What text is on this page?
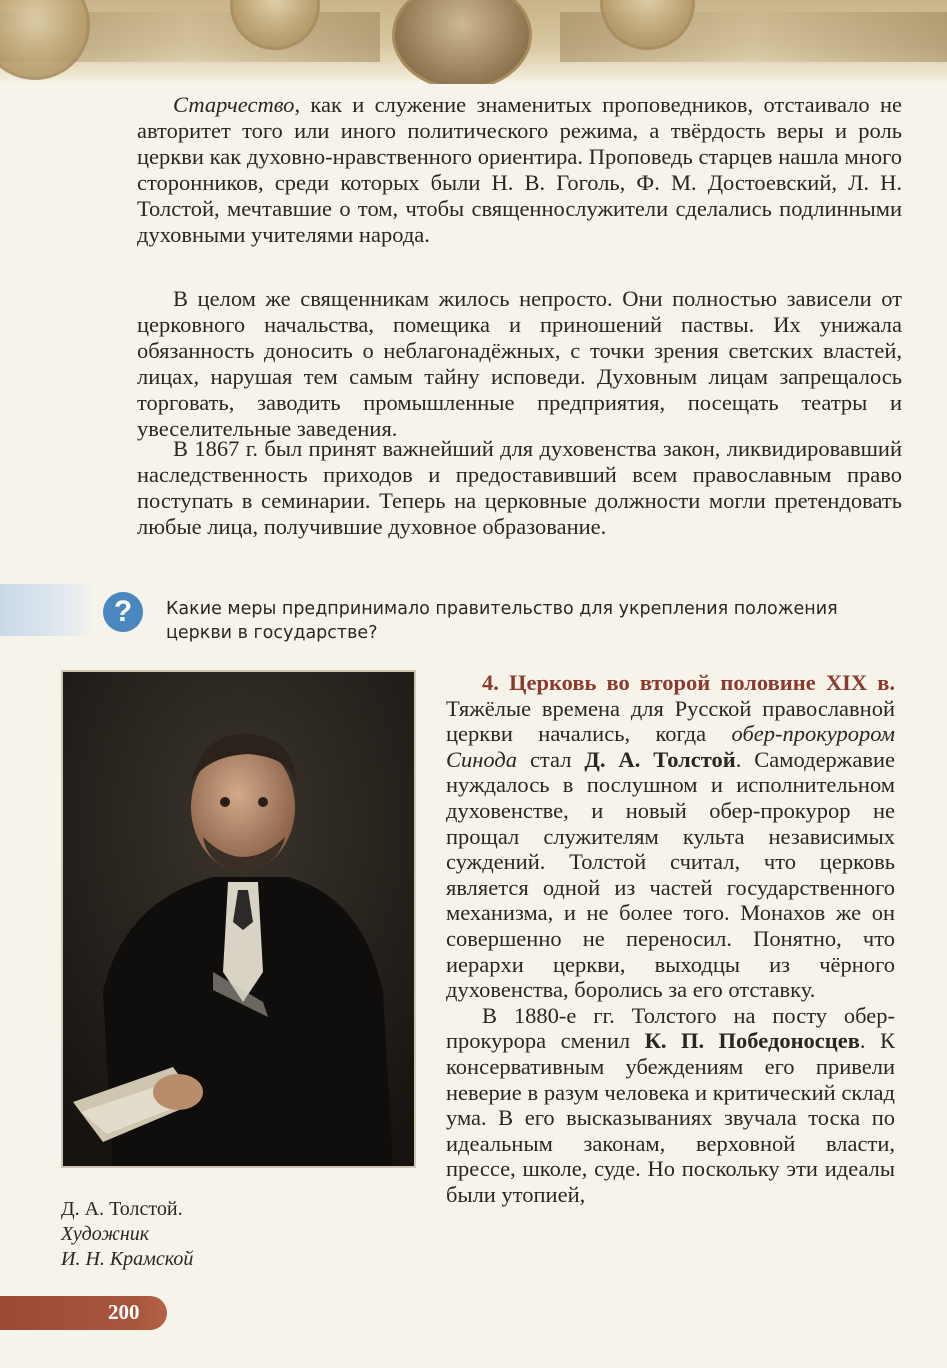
Старчество, как и служение знаменитых проповедников, отстаивало не авторитет того или иного политического режима, а твёрдость веры и роль церкви как духовно-нравственного ориентира. Проповедь старцев нашла много сторонников, среди которых были Н. В. Гоголь, Ф. М. Достоевский, Л. Н. Толстой, мечтавшие о том, чтобы священнослужители сделались подлинными духовными учителями народа.

В целом же священникам жилось непросто. Они полностью зависели от церковного начальства, помещика и приношений паствы. Их унижала обязанность доносить о неблагонадёжных, с точки зрения светских властей, лицах, нарушая тем самым тайну исповеди. Духовным лицам запрещалось торговать, заводить промышленные предприятия, посещать театры и увеселительные заведения.

В 1867 г. был принят важнейший для духовенства закон, ликвидировавший наследственность приходов и предоставивший всем православным право поступать в семинарии. Теперь на церковные должности могли претендовать любые лица, получившие духовное образование.

?	Какие меры предпринимало правительство для укрепления положения церкви в государстве?

4. Церковь во второй половине XIX в. Тяжёлые времена для Русской православной церкви начались, когда обер-прокурором Синода стал Д. А. Толстой. Самодержавие нуждалось в послушном и исполнительном духовенстве, и новый обер-прокурор не прощал служителям культа независимых суждений. Толстой считал, что церковь является одной из частей государственного механизма, и не более того. Монахов же он совершенно не переносил. Понятно, что иерархи церкви, выходцы из чёрного духовенства, боролись за его отставку.

В 1880-е гг. Толстого на посту обер-прокурора сменил К. П. Победоносцев. К консервативным убеждениям его привели неверие в разум человека и критический склад ума. В его высказываниях звучала тоска по идеальным законам, верховной власти, прессе, школе, суде. Но поскольку эти идеалы были утопией,

Д. А. Толстой.
Художник
И. Н. Крамской
200
